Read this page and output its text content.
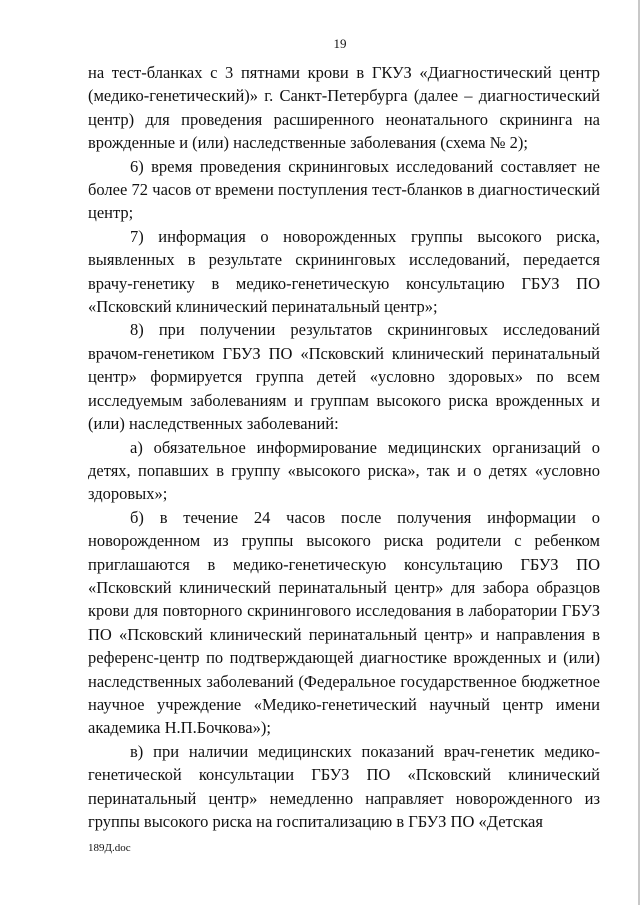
19

на тест-бланках с 3 пятнами крови в ГКУЗ «Диагностический центр (медико-генетический)» г. Санкт-Петербурга (далее – диагностический центр) для проведения расширенного неонатального скрининга на врожденные и (или) наследственные заболевания (схема № 2);

6) время проведения скрининговых исследований составляет не более 72 часов от времени поступления тест-бланков в диагностический центр;

7) информация о новорожденных группы высокого риска, выявленных в результате скрининговых исследований, передается врачу-генетику в медико-генетическую консультацию ГБУЗ ПО «Псковский клинический перинатальный центр»;

8) при получении результатов скрининговых исследований врачом-генетиком ГБУЗ ПО «Псковский клинический перинатальный центр» формируется группа детей «условно здоровых» по всем исследуемым заболеваниям и группам высокого риска врожденных и (или) наследственных заболеваний:

а) обязательное информирование медицинских организаций о детях, попавших в группу «высокого риска», так и о детях «условно здоровых»;

б) в течение 24 часов после получения информации о новорожденном из группы высокого риска родители с ребенком приглашаются в медико-генетическую консультацию ГБУЗ ПО «Псковский клинический перинатальный центр» для забора образцов крови для повторного скринингового исследования в лаборатории ГБУЗ ПО «Псковский клинический перинатальный центр» и направления в референс-центр по подтверждающей диагностике врожденных и (или) наследственных заболеваний (Федеральное государственное бюджетное научное учреждение «Медико-генетический научный центр имени академика Н.П.Бочкова»);

в) при наличии медицинских показаний врач-генетик медико-генетической консультации ГБУЗ ПО «Псковский клинический перинатальный центр» немедленно направляет новорожденного из группы высокого риска на госпитализацию в ГБУЗ ПО «Детская

189Д.doc
